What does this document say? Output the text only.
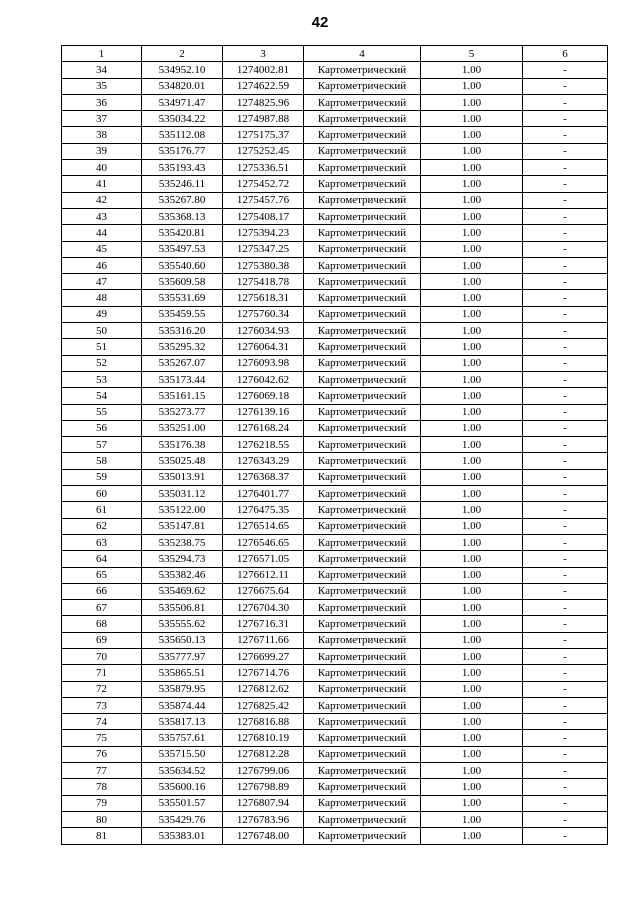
42
1	2	3	4	5	6
34	534952.10	1274002.81	Картометрический	1.00	-
35	534820.01	1274622.59	Картометрический	1.00	-
36	534971.47	1274825.96	Картометрический	1.00	-
37	535034.22	1274987.88	Картометрический	1.00	-
38	535112.08	1275175.37	Картометрический	1.00	-
39	535176.77	1275252.45	Картометрический	1.00	-
40	535193.43	1275336.51	Картометрический	1.00	-
41	535246.11	1275452.72	Картометрический	1.00	-
42	535267.80	1275457.76	Картометрический	1.00	-
43	535368.13	1275408.17	Картометрический	1.00	-
44	535420.81	1275394.23	Картометрический	1.00	-
45	535497.53	1275347.25	Картометрический	1.00	-
46	535540.60	1275380.38	Картометрический	1.00	-
47	535609.58	1275418.78	Картометрический	1.00	-
48	535531.69	1275618.31	Картометрический	1.00	-
49	535459.55	1275760.34	Картометрический	1.00	-
50	535316.20	1276034.93	Картометрический	1.00	-
51	535295.32	1276064.31	Картометрический	1.00	-
52	535267.07	1276093.98	Картометрический	1.00	-
53	535173.44	1276042.62	Картометрический	1.00	-
54	535161.15	1276069.18	Картометрический	1.00	-
55	535273.77	1276139.16	Картометрический	1.00	-
56	535251.00	1276168.24	Картометрический	1.00	-
57	535176.38	1276218.55	Картометрический	1.00	-
58	535025.48	1276343.29	Картометрический	1.00	-
59	535013.91	1276368.37	Картометрический	1.00	-
60	535031.12	1276401.77	Картометрический	1.00	-
61	535122.00	1276475.35	Картометрический	1.00	-
62	535147.81	1276514.65	Картометрический	1.00	-
63	535238.75	1276546.65	Картометрический	1.00	-
64	535294.73	1276571.05	Картометрический	1.00	-
65	535382.46	1276612.11	Картометрический	1.00	-
66	535469.62	1276675.64	Картометрический	1.00	-
67	535506.81	1276704.30	Картометрический	1.00	-
68	535555.62	1276716.31	Картометрический	1.00	-
69	535650.13	1276711.66	Картометрический	1.00	-
70	535777.97	1276699.27	Картометрический	1.00	-
71	535865.51	1276714.76	Картометрический	1.00	-
72	535879.95	1276812.62	Картометрический	1.00	-
73	535874.44	1276825.42	Картометрический	1.00	-
74	535817.13	1276816.88	Картометрический	1.00	-
75	535757.61	1276810.19	Картометрический	1.00	-
76	535715.50	1276812.28	Картометрический	1.00	-
77	535634.52	1276799.06	Картометрический	1.00	-
78	535600.16	1276798.89	Картометрический	1.00	-
79	535501.57	1276807.94	Картометрический	1.00	-
80	535429.76	1276783.96	Картометрический	1.00	-
81	535383.01	1276748.00	Картометрический	1.00	-
